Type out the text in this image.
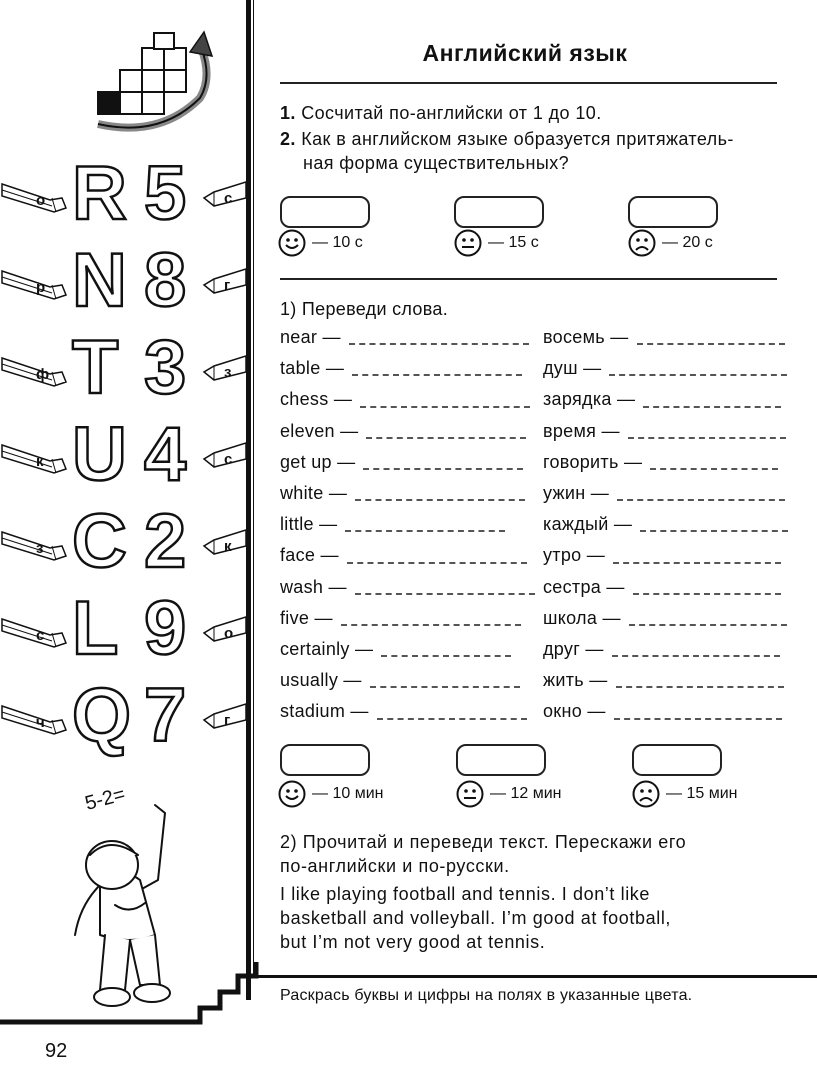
о R 5	с
р N 8	г
ф T 3	з
к U 4	с
з C 2	к
с L 9	о
ч Q 7	г
5-2=
Английский язык
1. Сосчитай по-английски от 1 до 10.
2. Как в английском языке образуется притяжатель-
ная форма существительных?
— 10 с	— 15 с	— 20 с
1) Переведи слова.
near —
table —
chess —
eleven —
get up —
white —
little —
face —
wash —
five —
certainly —
usually —
stadium —
восемь —
душ —
зарядка —
время —
говорить —
ужин —
каждый —
утро —
сестра —
школа —
друг —
жить —
окно —
— 10 мин	— 12 мин	— 15 мин
2) Прочитай и переведи текст. Перескажи его
по-английски и по-русски.
I like playing football and tennis. I don’t like
basketball and volleyball. I’m good at football,
but I’m not very good at tennis.
Раскрась буквы и цифры на полях в указанные цвета.
92
